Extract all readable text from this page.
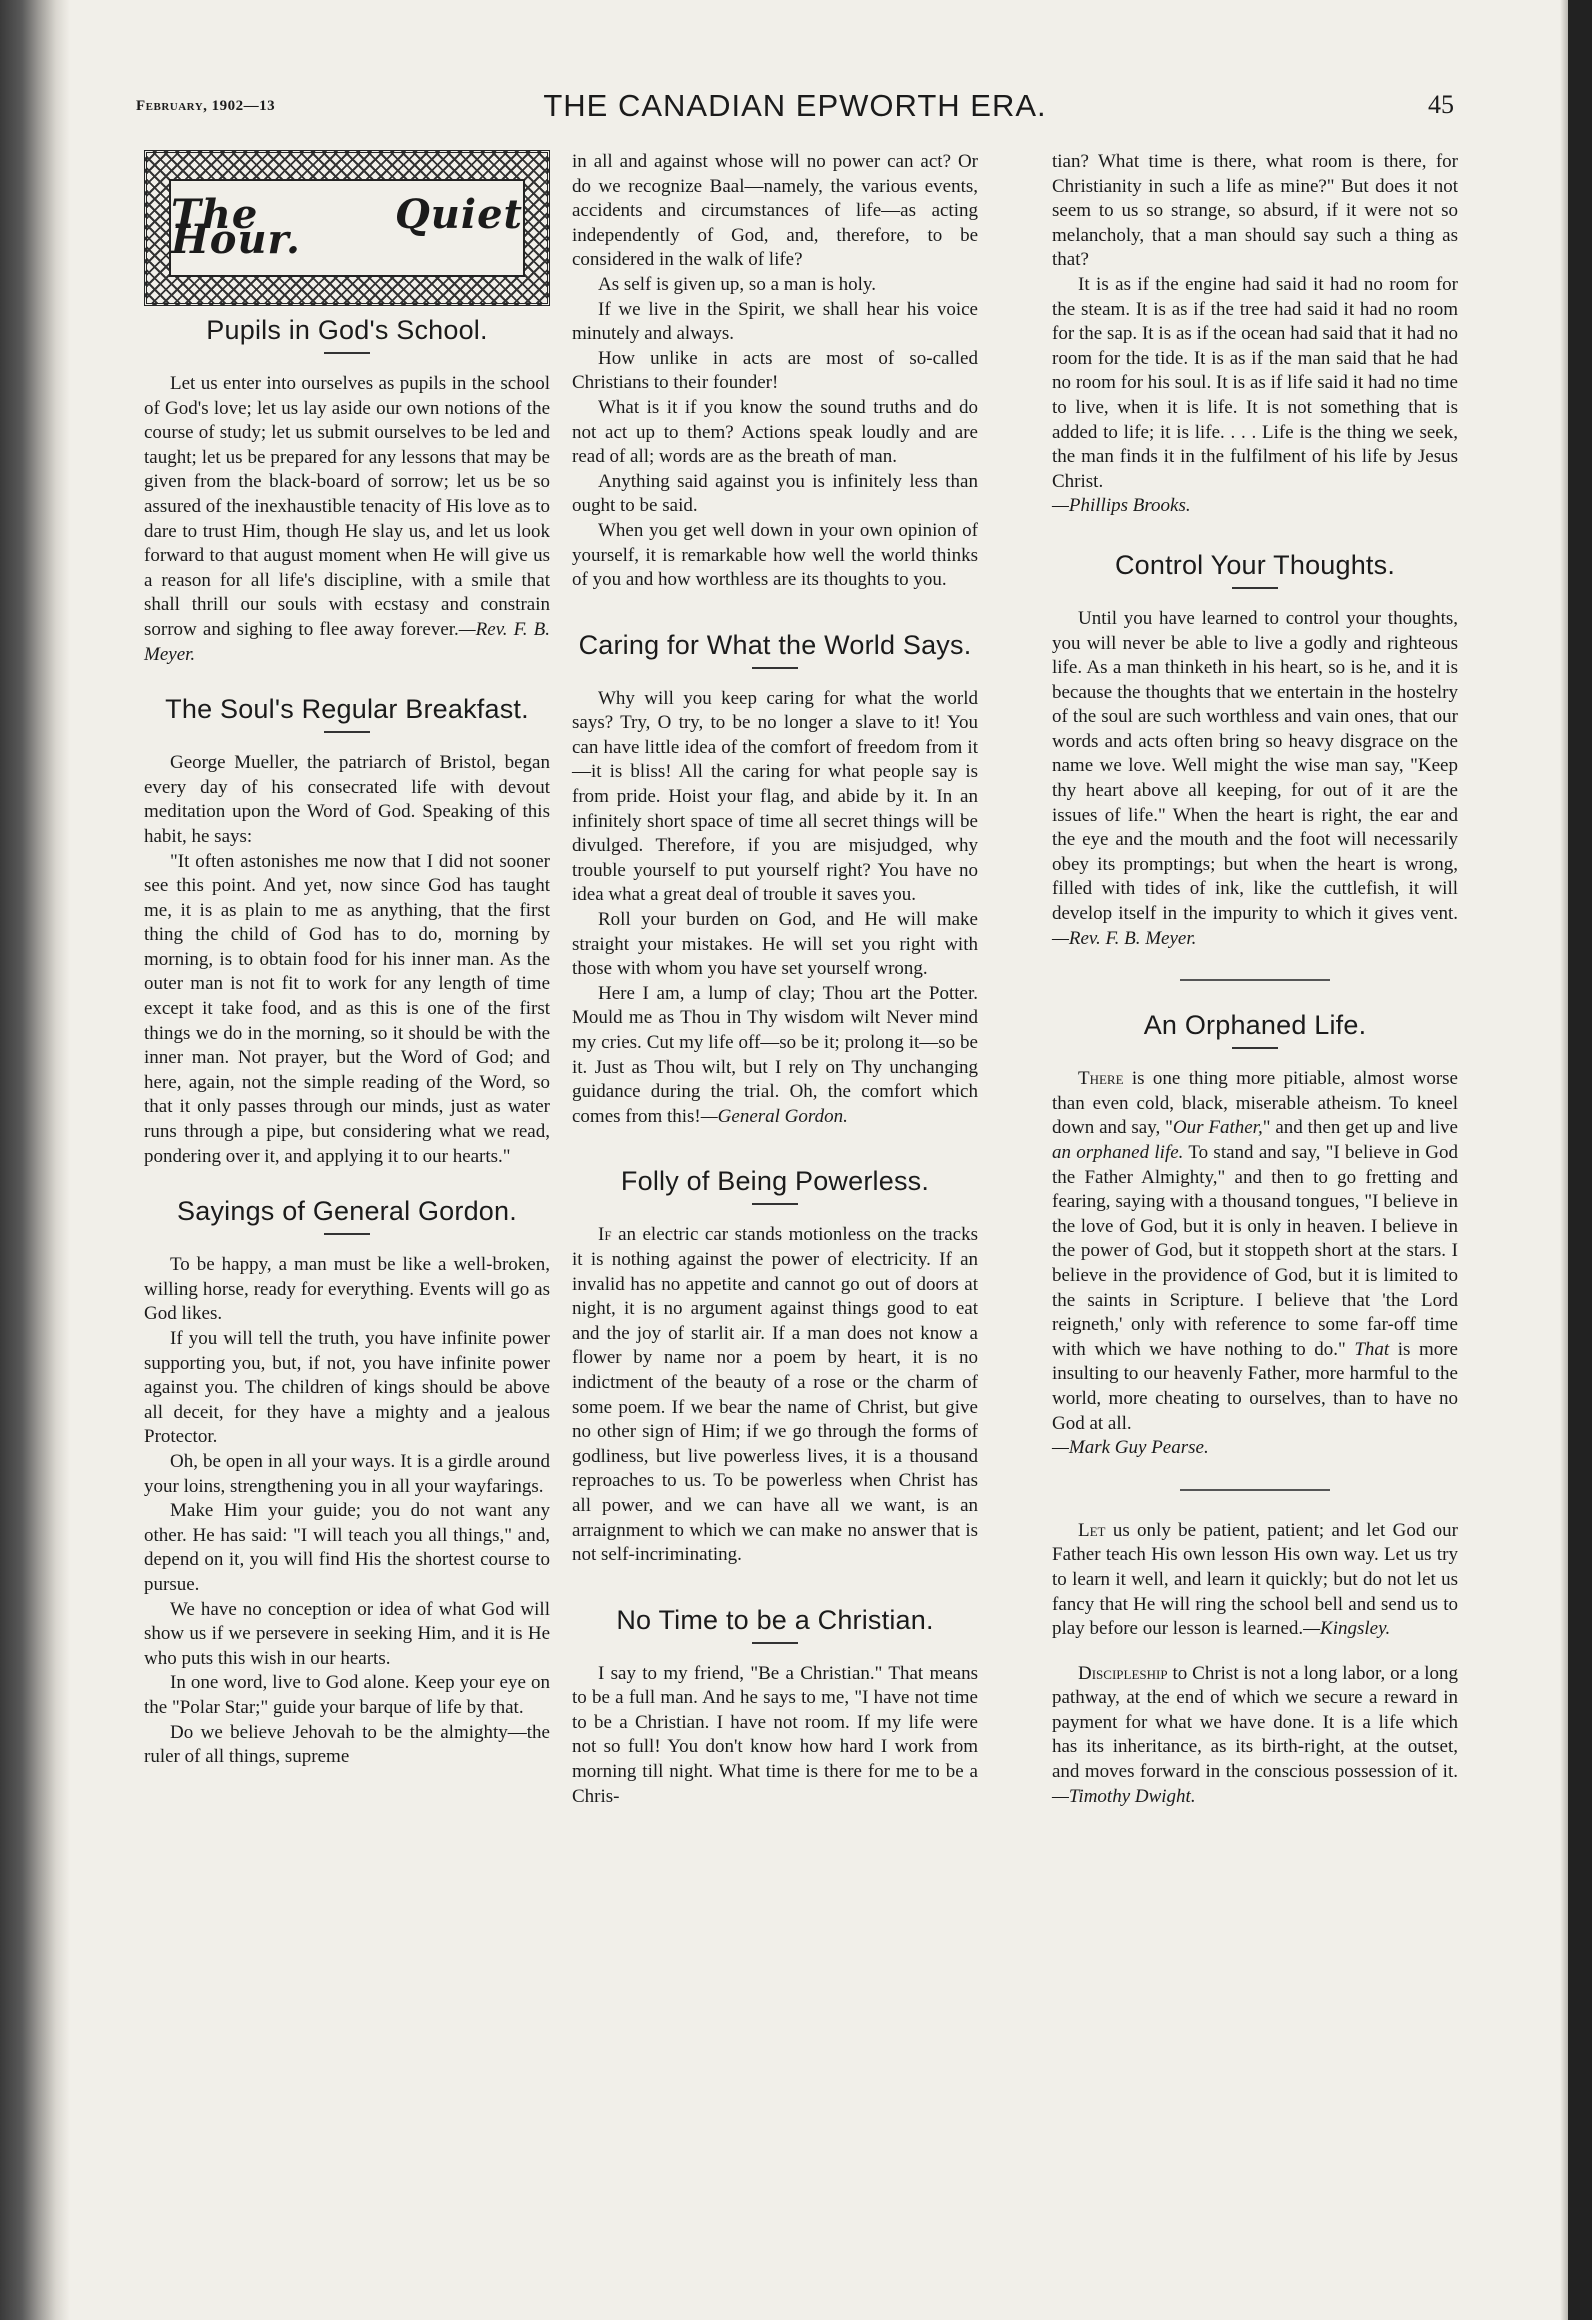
February, 1902—13	THE CANADIAN EPWORTH ERA.	45
The Quiet Hour.
Pupils in God's School.

Let us enter into ourselves as pupils in the school of God's love; let us lay aside our own notions of the course of study; let us submit ourselves to be led and taught; let us be prepared for any lessons that may be given from the black-board of sorrow; let us be so assured of the inexhaustible tenacity of His love as to dare to trust Him, though He slay us, and let us look forward to that august moment when He will give us a reason for all life's discipline, with a smile that shall thrill our souls with ecstasy and constrain sorrow and sighing to flee away forever.—Rev. F. B. Meyer.

The Soul's Regular Breakfast.

George Mueller, the patriarch of Bristol, began every day of his consecrated life with devout meditation upon the Word of God. Speaking of this habit, he says:

"It often astonishes me now that I did not sooner see this point. And yet, now since God has taught me, it is as plain to me as anything, that the first thing the child of God has to do, morning by morning, is to obtain food for his inner man. As the outer man is not fit to work for any length of time except it take food, and as this is one of the first things we do in the morning, so it should be with the inner man. Not prayer, but the Word of God; and here, again, not the simple reading of the Word, so that it only passes through our minds, just as water runs through a pipe, but considering what we read, pondering over it, and applying it to our hearts."

Sayings of General Gordon.

To be happy, a man must be like a well-broken, willing horse, ready for everything. Events will go as God likes.

If you will tell the truth, you have infinite power supporting you, but, if not, you have infinite power against you. The children of kings should be above all deceit, for they have a mighty and a jealous Protector.

Oh, be open in all your ways. It is a girdle around your loins, strengthening you in all your wayfarings.

Make Him your guide; you do not want any other. He has said: "I will teach you all things," and, depend on it, you will find His the shortest course to pursue.

We have no conception or idea of what God will show us if we persevere in seeking Him, and it is He who puts this wish in our hearts.

In one word, live to God alone. Keep your eye on the "Polar Star;" guide your barque of life by that.

Do we believe Jehovah to be the almighty—the ruler of all things, supreme

in all and against whose will no power can act? Or do we recognize Baal—namely, the various events, accidents and circumstances of life—as acting independently of God, and, therefore, to be considered in the walk of life?

As self is given up, so a man is holy.

If we live in the Spirit, we shall hear his voice minutely and always.

How unlike in acts are most of so-called Christians to their founder!

What is it if you know the sound truths and do not act up to them? Actions speak loudly and are read of all; words are as the breath of man.

Anything said against you is infinitely less than ought to be said.

When you get well down in your own opinion of yourself, it is remarkable how well the world thinks of you and how worthless are its thoughts to you.

Caring for What the World Says.

Why will you keep caring for what the world says? Try, O try, to be no longer a slave to it! You can have little idea of the comfort of freedom from it—it is bliss! All the caring for what people say is from pride. Hoist your flag, and abide by it. In an infinitely short space of time all secret things will be divulged. Therefore, if you are misjudged, why trouble yourself to put yourself right? You have no idea what a great deal of trouble it saves you.

Roll your burden on God, and He will make straight your mistakes. He will set you right with those with whom you have set yourself wrong.

Here I am, a lump of clay; Thou art the Potter. Mould me as Thou in Thy wisdom wilt Never mind my cries. Cut my life off—so be it; prolong it—so be it. Just as Thou wilt, but I rely on Thy unchanging guidance during the trial. Oh, the comfort which comes from this!—General Gordon.

Folly of Being Powerless.

If an electric car stands motionless on the tracks it is nothing against the power of electricity. If an invalid has no appetite and cannot go out of doors at night, it is no argument against things good to eat and the joy of starlit air. If a man does not know a flower by name nor a poem by heart, it is no indictment of the beauty of a rose or the charm of some poem. If we bear the name of Christ, but give no other sign of Him; if we go through the forms of godliness, but live powerless lives, it is a thousand reproaches to us. To be powerless when Christ has all power, and we can have all we want, is an arraignment to which we can make no answer that is not self-incriminating.

No Time to be a Christian.

I say to my friend, "Be a Christian." That means to be a full man. And he says to me, "I have not time to be a Christian. I have not room. If my life were not so full! You don't know how hard I work from morning till night. What time is there for me to be a Chris-

tian? What time is there, what room is there, for Christianity in such a life as mine?" But does it not seem to us so strange, so absurd, if it were not so melancholy, that a man should say such a thing as that?

It is as if the engine had said it had no room for the steam. It is as if the tree had said it had no room for the sap. It is as if the ocean had said that it had no room for the tide. It is as if the man said that he had no room for his soul. It is as if life said it had no time to live, when it is life. It is not something that is added to life; it is life. . . . Life is the thing we seek, the man finds it in the fulfilment of his life by Jesus Christ.
—Phillips Brooks.

Control Your Thoughts.

Until you have learned to control your thoughts, you will never be able to live a godly and righteous life. As a man thinketh in his heart, so is he, and it is because the thoughts that we entertain in the hostelry of the soul are such worthless and vain ones, that our words and acts often bring so heavy disgrace on the name we love. Well might the wise man say, "Keep thy heart above all keeping, for out of it are the issues of life." When the heart is right, the ear and the eye and the mouth and the foot will necessarily obey its promptings; but when the heart is wrong, filled with tides of ink, like the cuttlefish, it will develop itself in the impurity to which it gives vent.—Rev. F. B. Meyer.

An Orphaned Life.

There is one thing more pitiable, almost worse than even cold, black, miserable atheism. To kneel down and say, "Our Father," and then get up and live an orphaned life. To stand and say, "I believe in God the Father Almighty," and then to go fretting and fearing, saying with a thousand tongues, "I believe in the love of God, but it is only in heaven. I believe in the power of God, but it stoppeth short at the stars. I believe in the providence of God, but it is limited to the saints in Scripture. I believe that 'the Lord reigneth,' only with reference to some far-off time with which we have nothing to do." That is more insulting to our heavenly Father, more harmful to the world, more cheating to ourselves, than to have no God at all.
—Mark Guy Pearse.

Let us only be patient, patient; and let God our Father teach His own lesson His own way. Let us try to learn it well, and learn it quickly; but do not let us fancy that He will ring the school bell and send us to play before our lesson is learned.—Kingsley.

Discipleship to Christ is not a long labor, or a long pathway, at the end of which we secure a reward in payment for what we have done. It is a life which has its inheritance, as its birth-right, at the outset, and moves forward in the conscious possession of it.—Timothy Dwight.
